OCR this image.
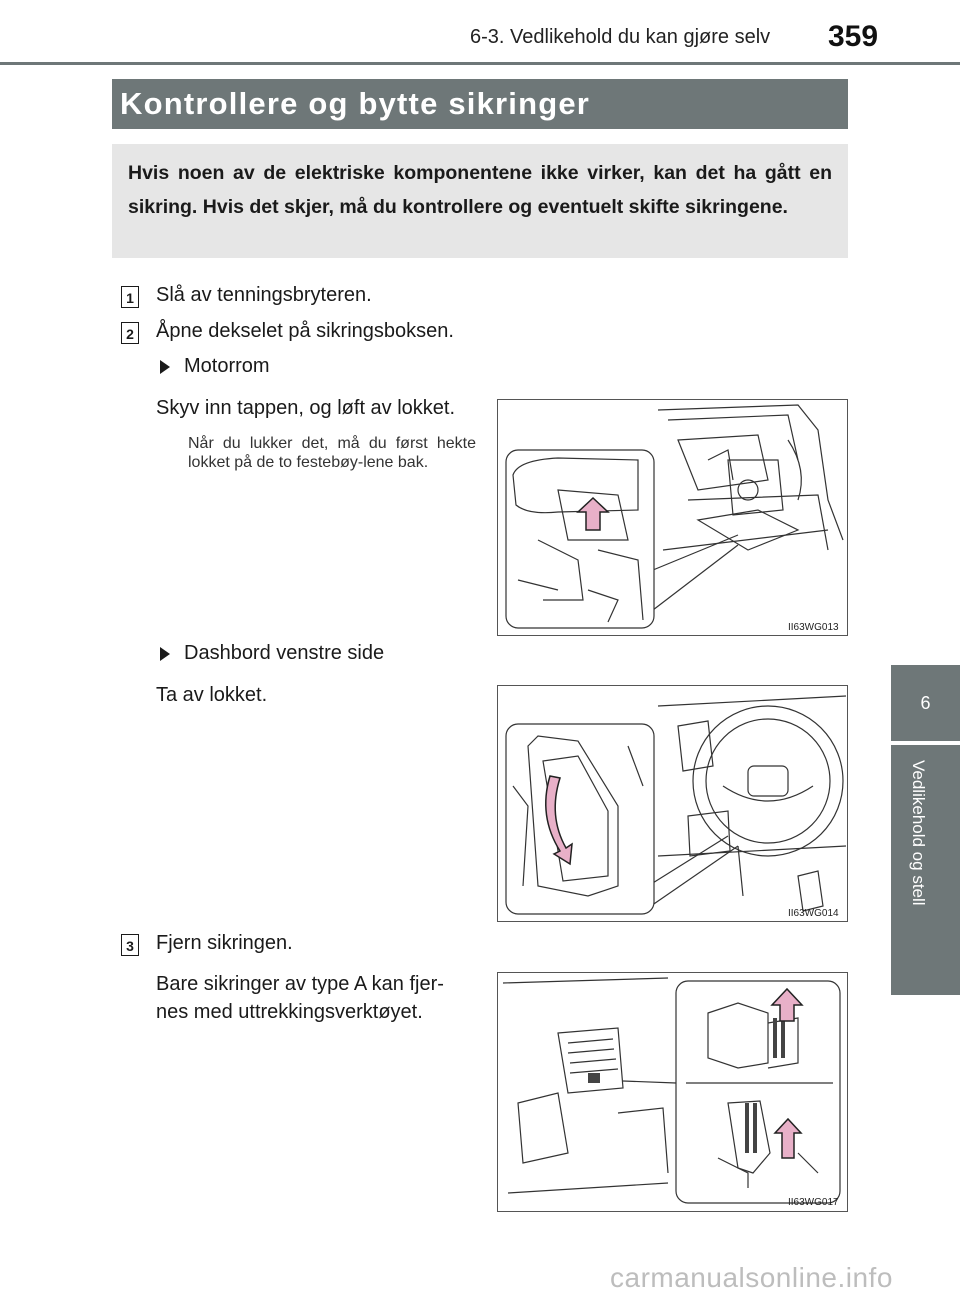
6-3. Vedlikehold du kan gjøre selv 359
6
Vedlikehold og stell
Kontrollere og bytte sikringer
Hvis noen av de elektriske komponentene ikke virker, kan det ha gått en sikring. Hvis det skjer, må du kontrollere og eventuelt skifte sikringene.
1 Slå av tenningsbryteren.
2 Åpne dekselet på sikringsboksen.
Motorrom
Skyv inn tappen, og løft av lokket.
Når du lukker det, må du først hekte lokket på de to festebøy-lene bak.
II63WG013
Dashbord venstre side
Ta av lokket.
II63WG014
3 Fjern sikringen.
Bare sikringer av type A kan fjer-
nes med uttrekkingsverktøyet.
II63WG017
carmanualsonline.info
